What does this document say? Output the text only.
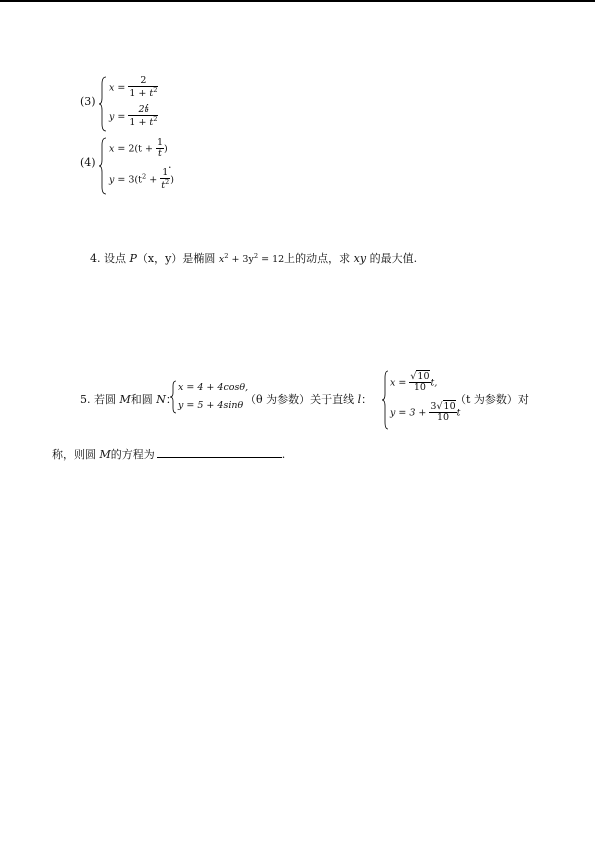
(3)
$x = \frac{2}{1 + t^2}$
$y = \frac{2t}{1 + t^2}$
；
(4)
$x = 2(t + \frac{1}{t}$ )
$y = 3(t^2 + \frac{1}{t^2}$ )
.
4. 设点 P（x，y）是椭圆 $x^2 + 3y^2 = 12$上的动点，求 xy 的最大值.
5. 若圆 M和圆 N：
x = 4 + 4cosθ,
y = 5 + 4sinθ （θ 为参数）关于直线 l：
$x = \frac{√10}{10} t$,
$y = 3 + \frac{3√10}{10}$ t
（t 为参数）对
称，则圆 M的方程为	.
